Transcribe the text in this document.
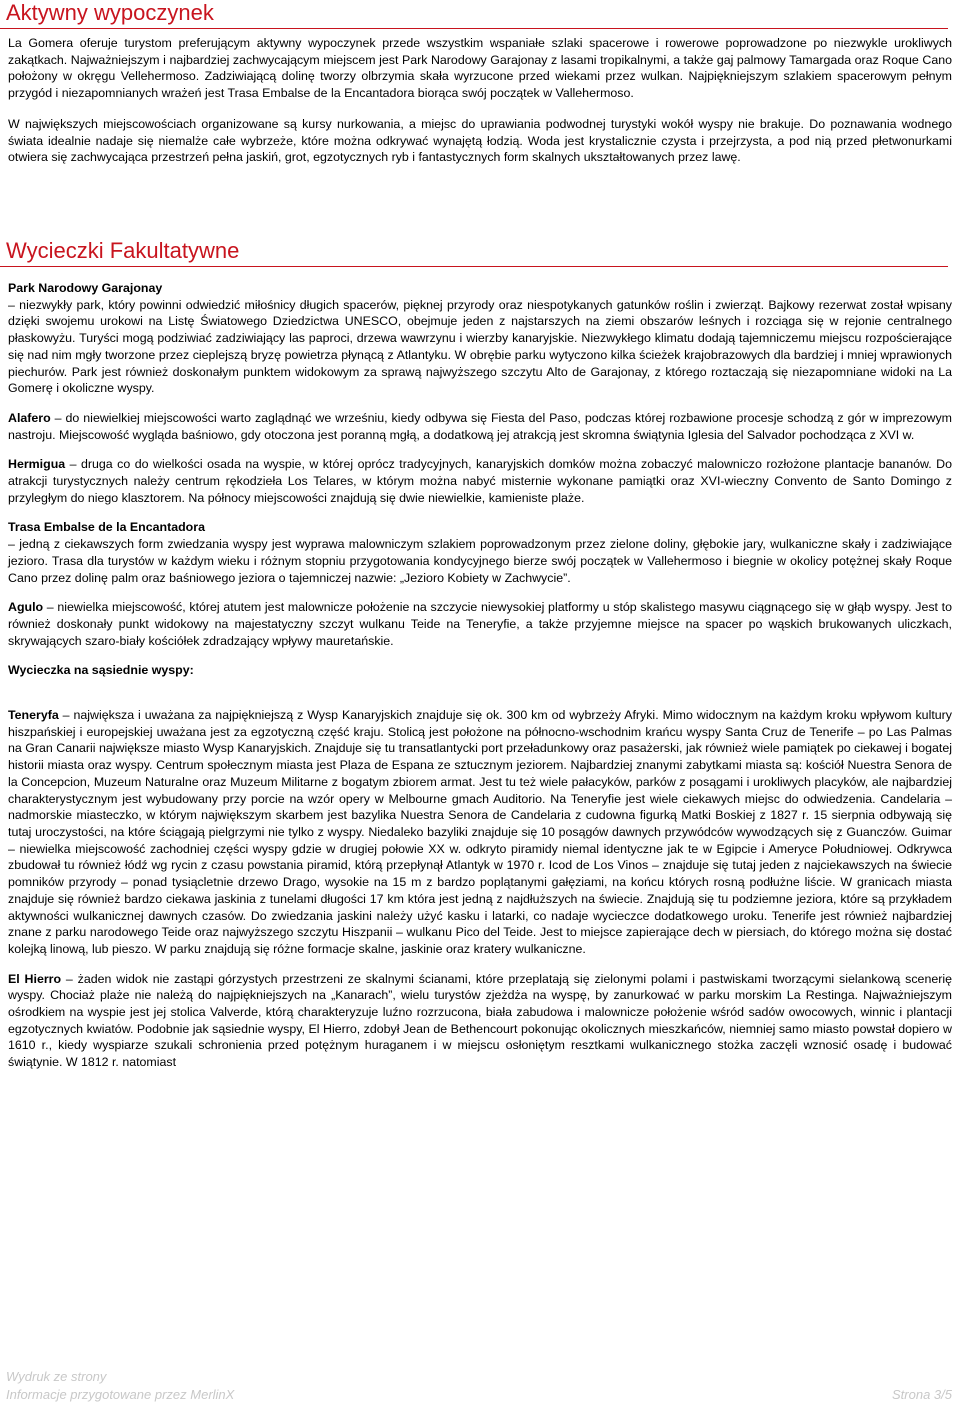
Aktywny wypoczynek

La Gomera oferuje turystom preferującym aktywny wypoczynek przede wszystkim wspaniałe szlaki spacerowe i rowerowe poprowadzone po niezwykle urokliwych zakątkach. Najważniejszym i najbardziej zachwycającym miejscem jest Park Narodowy Garajonay z lasami tropikalnymi, a także gaj palmowy Tamargada oraz Roque Cano położony w okręgu Vellehermoso. Zadziwiającą dolinę tworzy olbrzymia skała wyrzucone przed wiekami przez wulkan. Najpiękniejszym szlakiem spacerowym pełnym przygód i niezapomnianych wrażeń jest Trasa Embalse de la Encantadora biorąca swój początek w Vallehermoso.

W największych miejscowościach organizowane są kursy nurkowania, a miejsc do uprawiania podwodnej turystyki wokół wyspy nie brakuje. Do poznawania wodnego świata idealnie nadaje się niemalże całe wybrzeże, które można odkrywać wynajętą łodzią. Woda jest krystalicznie czysta i przejrzysta, a pod nią przed płetwonurkami otwiera się zachwycająca przestrzeń pełna jaskiń, grot, egzotycznych ryb i fantastycznych form skalnych ukształtowanych przez lawę.

Wycieczki Fakultatywne

Park Narodowy Garajonay

– niezwykły park, który powinni odwiedzić miłośnicy długich spacerów, pięknej przyrody oraz niespotykanych gatunków roślin i zwierząt. Bajkowy rezerwat został wpisany dzięki swojemu urokowi na Listę Światowego Dziedzictwa UNESCO, obejmuje jeden z najstarszych na ziemi obszarów leśnych i rozciąga się w rejonie centralnego płaskowyżu. Turyści mogą podziwiać zadziwiający las paproci, drzewa wawrzynu i wierzby kanaryjskie. Niezwykłego klimatu dodają tajemniczemu miejscu rozpościerające się nad nim mgły tworzone przez cieplejszą bryzę powietrza płynącą z Atlantyku. W obrębie parku wytyczono kilka ścieżek krajobrazowych dla bardziej i mniej wprawionych piechurów. Park jest również doskonałym punktem widokowym za sprawą najwyższego szczytu Alto de Garajonay, z którego roztaczają się niezapomniane widoki na La Gomerę i okoliczne wyspy.

Alafero – do niewielkiej miejscowości warto zaglądnąć we wrześniu, kiedy odbywa się Fiesta del Paso, podczas której rozbawione procesje schodzą z gór w imprezowym nastroju. Miejscowość wygląda baśniowo, gdy otoczona jest poranną mgłą, a dodatkową jej atrakcją jest skromna świątynia Iglesia del Salvador pochodząca z XVI w.

Hermigua – druga co do wielkości osada na wyspie, w której oprócz tradycyjnych, kanaryjskich domków można zobaczyć malowniczo rozłożone plantacje bananów. Do atrakcji turystycznych należy centrum rękodzieła Los Telares, w którym można nabyć misternie wykonane pamiątki oraz XVI-wieczny Convento de Santo Domingo z przyległym do niego klasztorem. Na północy miejscowości znajdują się dwie niewielkie, kamieniste plaże.

Trasa Embalse de la Encantadora

– jedną z ciekawszych form zwiedzania wyspy jest wyprawa malowniczym szlakiem poprowadzonym przez zielone doliny, głębokie jary, wulkaniczne skały i zadziwiające jezioro. Trasa dla turystów w każdym wieku i różnym stopniu przygotowania kondycyjnego bierze swój początek w Vallehermoso i biegnie w okolicy potężnej skały Roque Cano przez dolinę palm oraz baśniowego jeziora o tajemniczej nazwie: „Jezioro Kobiety w Zachwycie”.

Agulo – niewielka miejscowość, której atutem jest malownicze położenie na szczycie niewysokiej platformy u stóp skalistego masywu ciągnącego się w głąb wyspy. Jest to również doskonały punkt widokowy na majestatyczny szczyt wulkanu Teide na Teneryfie, a także przyjemne miejsce na spacer po wąskich brukowanych uliczkach, skrywających szaro-biały kościółek zdradzający wpływy mauretańskie.

Wycieczka na sąsiednie wyspy:

Teneryfa – największa i uważana za najpiękniejszą z Wysp Kanaryjskich znajduje się ok. 300 km od wybrzeży Afryki. Mimo widocznym na każdym kroku wpływom kultury hiszpańskiej i europejskiej uważana jest za egzotyczną część kraju. Stolicą jest położone na północno-wschodnim krańcu wyspy Santa Cruz de Tenerife – po Las Palmas na Gran Canarii największe miasto Wysp Kanaryjskich. Znajduje się tu transatlantycki port przeładunkowy oraz pasażerski, jak również wiele pamiątek po ciekawej i bogatej historii miasta oraz wyspy. Centrum społecznym miasta jest Plaza de Espana ze sztucznym jeziorem. Najbardziej znanymi zabytkami miasta są: kościół Nuestra Senora de la Concepcion, Muzeum Naturalne oraz Muzeum Militarne z bogatym zbiorem armat. Jest tu też wiele pałacyków, parków z posągami i urokliwych placyków, ale najbardziej charakterystycznym jest wybudowany przy porcie na wzór opery w Melbourne gmach Auditorio. Na Teneryfie jest wiele ciekawych miejsc do odwiedzenia. Candelaria – nadmorskie miasteczko, w którym największym skarbem jest bazylika Nuestra Senora de Candelaria z cudowna figurką Matki Boskiej z 1827 r. 15 sierpnia odbywają się tutaj uroczystości, na które ściągają pielgrzymi nie tylko z wyspy. Niedaleko bazyliki znajduje się 10 posągów dawnych przywódców wywodzących się z Guanczów. Guimar – niewielka miejscowość zachodniej części wyspy gdzie w drugiej połowie XX w. odkryto piramidy niemal identyczne jak te w Egipcie i Ameryce Południowej. Odkrywca zbudował tu również łódź wg rycin z czasu powstania piramid, którą przepłynął Atlantyk w 1970 r. Icod de Los Vinos – znajduje się tutaj jeden z najciekawszych na świecie pomników przyrody – ponad tysiącletnie drzewo Drago, wysokie na 15 m z bardzo poplątanymi gałęziami, na końcu których rosną podłużne liście. W granicach miasta znajduje się również bardzo ciekawa jaskinia z tunelami długości 17 km która jest jedną z najdłuższych na świecie. Znajdują się tu podziemne jeziora, które są przykładem aktywności wulkanicznej dawnych czasów. Do zwiedzania jaskini należy użyć kasku i latarki, co nadaje wycieczce dodatkowego uroku. Tenerife jest również najbardziej znane z parku narodowego Teide oraz najwyższego szczytu Hiszpanii – wulkanu Pico del Teide. Jest to miejsce zapierające dech w piersiach, do którego można się dostać kolejką linową, lub pieszo. W parku znajdują się różne formacje skalne, jaskinie oraz kratery wulkaniczne.

El Hierro – żaden widok nie zastąpi górzystych przestrzeni ze skalnymi ścianami, które przeplatają się zielonymi polami i pastwiskami tworzącymi sielankową scenerię wyspy. Chociaż plaże nie należą do najpiękniejszych na „Kanarach”, wielu turystów zjeżdża na wyspę, by zanurkować w parku morskim La Restinga. Najważniejszym ośrodkiem na wyspie jest jej stolica Valverde, którą charakteryzuje luźno rozrzucona, biała zabudowa i malownicze położenie wśród sadów owocowych, winnic i plantacji egzotycznych kwiatów. Podobnie jak sąsiednie wyspy, El Hierro, zdobył Jean de Bethencourt pokonując okolicznych mieszkańców, niemniej samo miasto powstał dopiero w 1610 r., kiedy wyspiarze szukali schronienia przed potężnym huraganem i w miejscu osłoniętym resztkami wulkanicznego stożka zaczęli wznosić osadę i budować świątynie. W 1812 r. natomiast

Wydruk ze strony
Informacje przygotowane przez MerlinX	Strona 3/5
